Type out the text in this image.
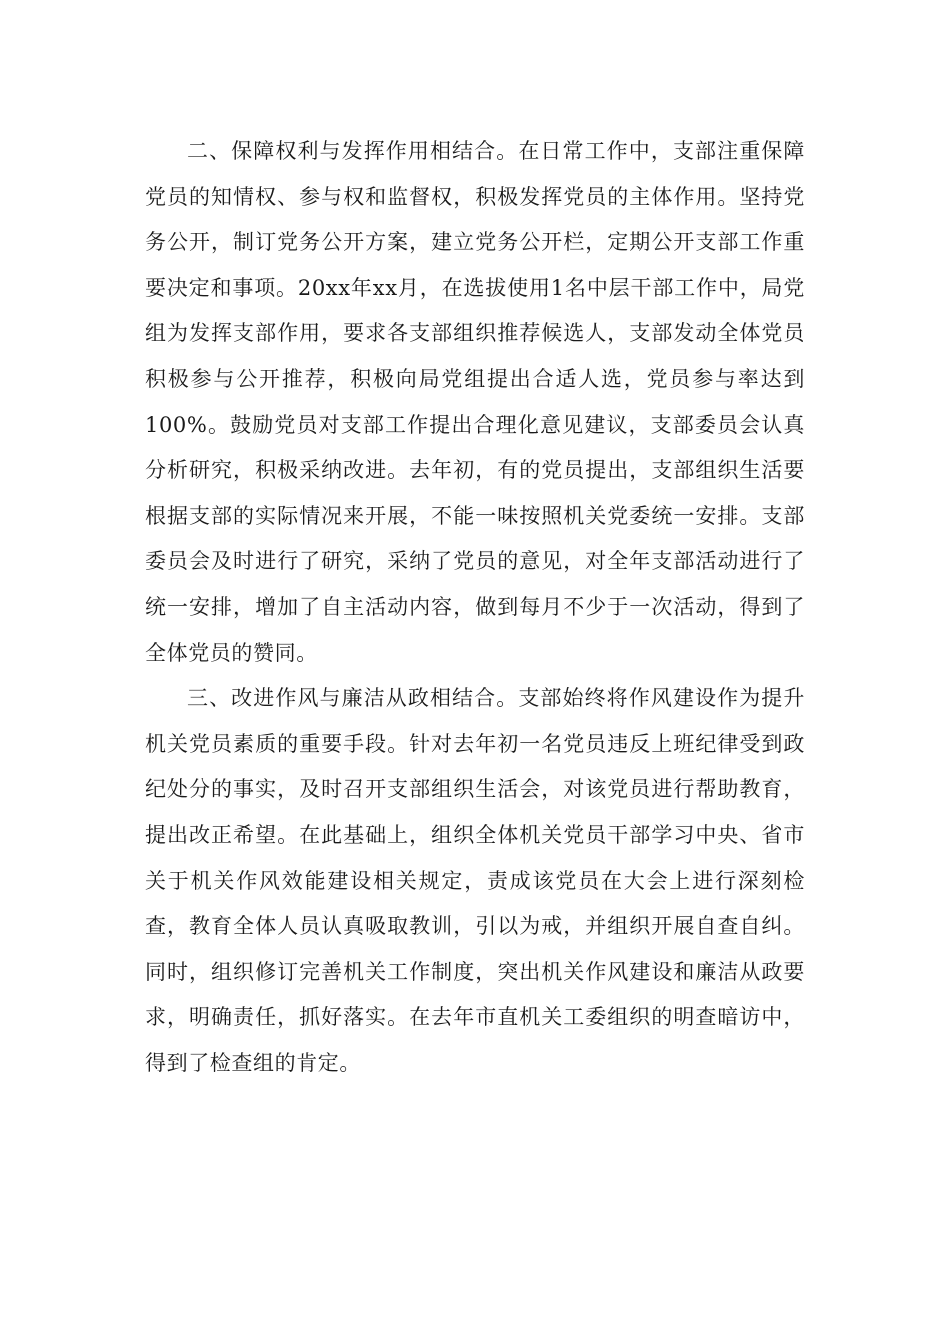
二、保障权利与发挥作用相结合。在日常工作中，支部注重保障党员的知情权、参与权和监督权，积极发挥党员的主体作用。坚持党务公开，制订党务公开方案，建立党务公开栏，定期公开支部工作重要决定和事项。20xx年xx月，在选拔使用1名中层干部工作中，局党组为发挥支部作用，要求各支部组织推荐候选人，支部发动全体党员积极参与公开推荐，积极向局党组提出合适人选，党员参与率达到100%。鼓励党员对支部工作提出合理化意见建议，支部委员会认真分析研究，积极采纳改进。去年初，有的党员提出，支部组织生活要根据支部的实际情况来开展，不能一味按照机关党委统一安排。支部委员会及时进行了研究，采纳了党员的意见，对全年支部活动进行了统一安排，增加了自主活动内容，做到每月不少于一次活动，得到了全体党员的赞同。

三、改进作风与廉洁从政相结合。支部始终将作风建设作为提升机关党员素质的重要手段。针对去年初一名党员违反上班纪律受到政纪处分的事实，及时召开支部组织生活会，对该党员进行帮助教育，提出改正希望。在此基础上，组织全体机关党员干部学习中央、省市关于机关作风效能建设相关规定，责成该党员在大会上进行深刻检查，教育全体人员认真吸取教训，引以为戒，并组织开展自查自纠。同时，组织修订完善机关工作制度，突出机关作风建设和廉洁从政要求，明确责任，抓好落实。在去年市直机关工委组织的明查暗访中，得到了检查组的肯定。
